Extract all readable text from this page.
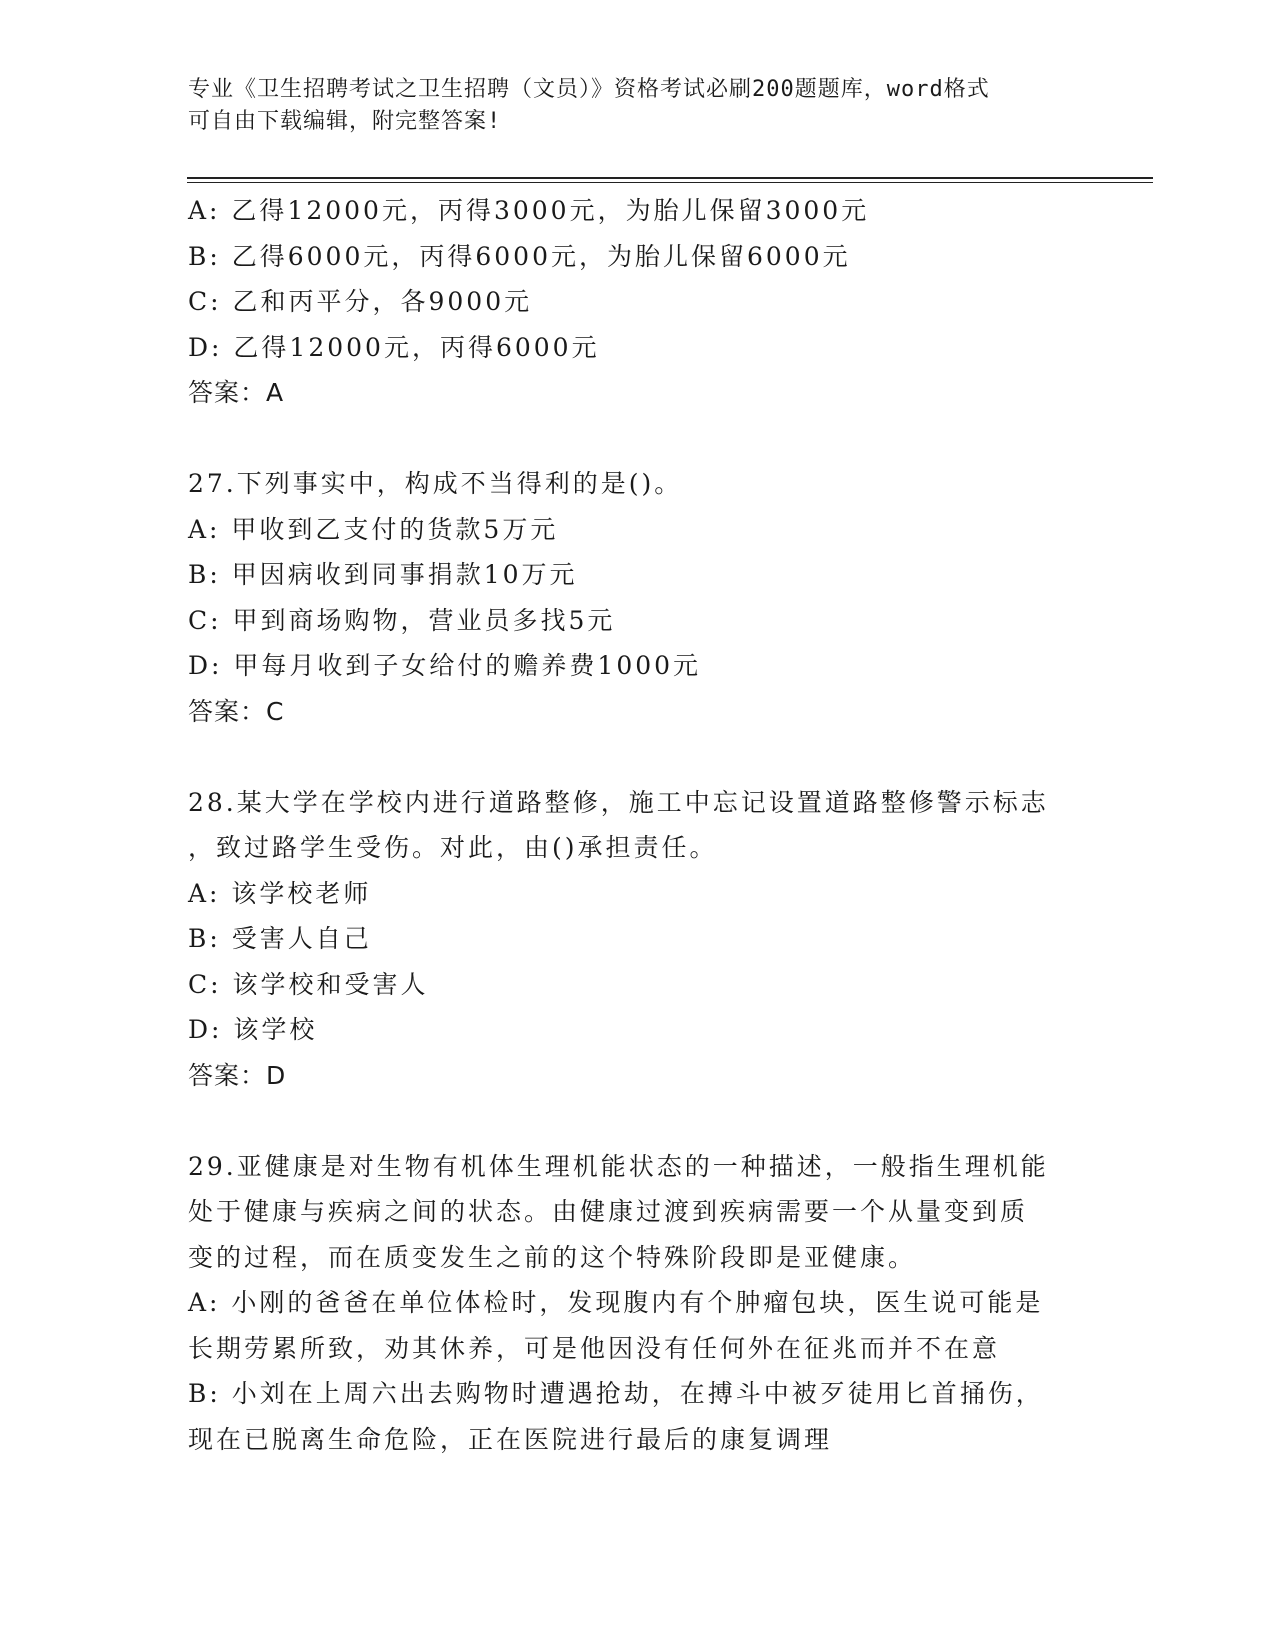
专业《卫生招聘考试之卫生招聘（文员）》资格考试必刷200题题库，word格式
可自由下载编辑，附完整答案!
A: 乙得12000元，丙得3000元，为胎儿保留3000元
B: 乙得6000元，丙得6000元，为胎儿保留6000元
C: 乙和丙平分，各9000元
D: 乙得12000元，丙得6000元
答案：A
27.下列事实中，构成不当得利的是()。
A: 甲收到乙支付的货款5万元
B: 甲因病收到同事捐款10万元
C: 甲到商场购物，营业员多找5元
D: 甲每月收到子女给付的赡养费1000元
答案：C
28.某大学在学校内进行道路整修，施工中忘记设置道路整修警示标志
，致过路学生受伤。对此，由()承担责任。
A: 该学校老师
B: 受害人自己
C: 该学校和受害人
D: 该学校
答案：D
29.亚健康是对生物有机体生理机能状态的一种描述，一般指生理机能
处于健康与疾病之间的状态。由健康过渡到疾病需要一个从量变到质
变的过程，而在质变发生之前的这个特殊阶段即是亚健康。
A: 小刚的爸爸在单位体检时，发现腹内有个肿瘤包块，医生说可能是
长期劳累所致，劝其休养，可是他因没有任何外在征兆而并不在意
B: 小刘在上周六出去购物时遭遇抢劫，在搏斗中被歹徒用匕首捅伤，
现在已脱离生命危险，正在医院进行最后的康复调理
